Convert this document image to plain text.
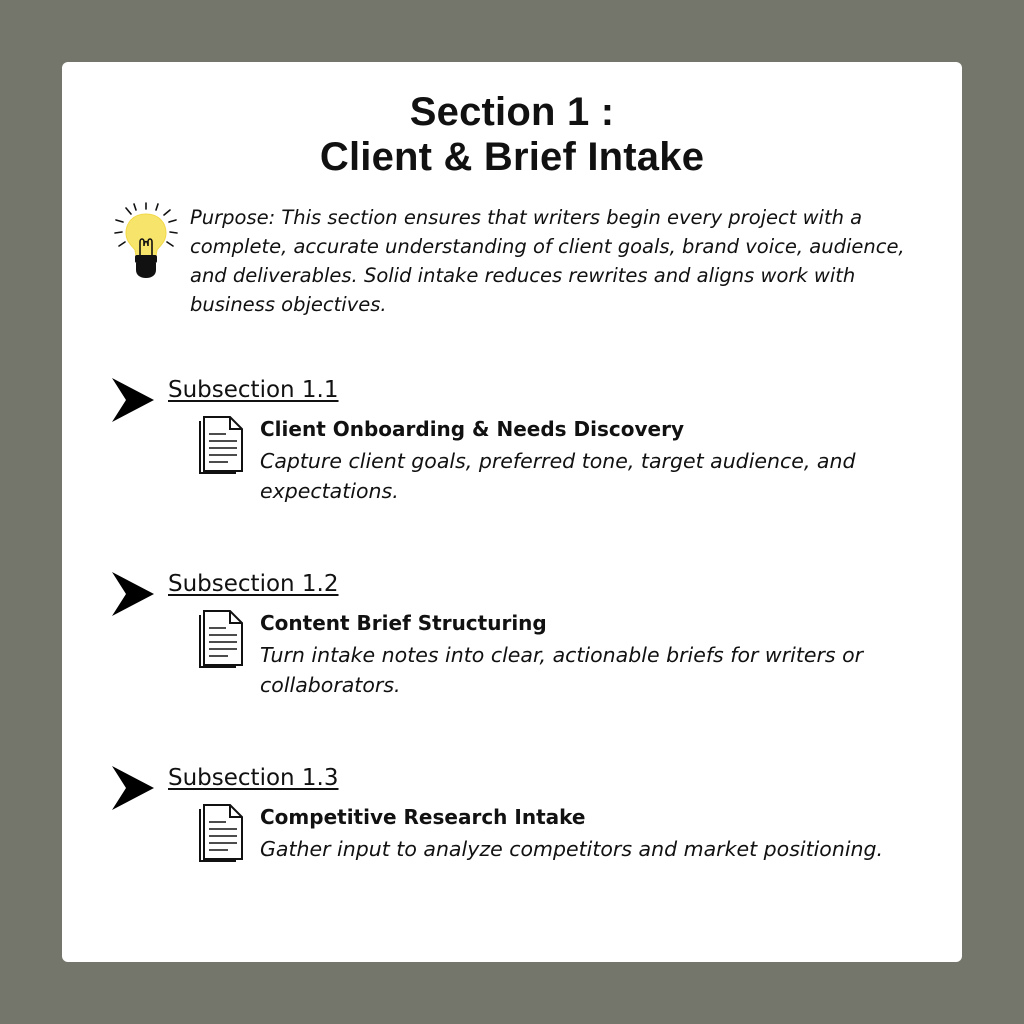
Section 1 :
Client & Brief Intake
Purpose: This section ensures that writers begin every project with a complete, accurate understanding of client goals, brand voice, audience, and deliverables. Solid intake reduces rewrites and aligns work with business objectives.
Subsection 1.1
Client Onboarding & Needs Discovery
Capture client goals, preferred tone, target audience, and expectations.
Subsection 1.2
Content Brief Structuring
Turn intake notes into clear, actionable briefs for writers or collaborators.
Subsection 1.3
Competitive Research Intake
Gather input to analyze competitors and market positioning.
